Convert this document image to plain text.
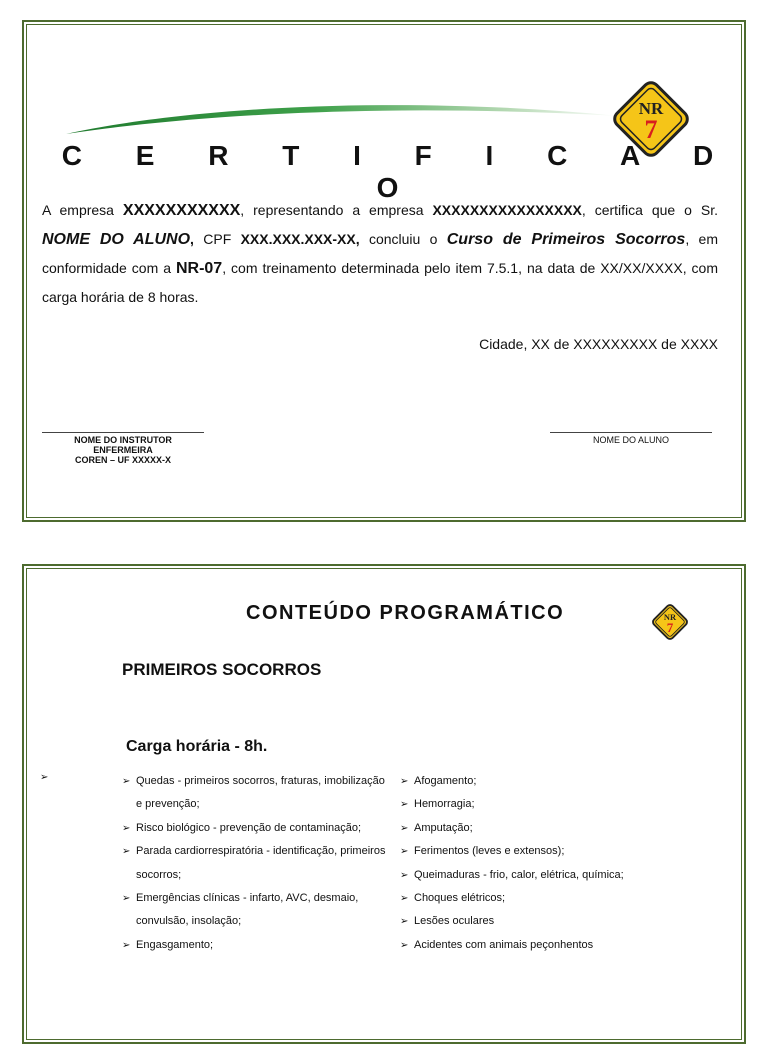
NR
7
C E R T I F I C A D O
A empresa XXXXXXXXXXX, representando a empresa XXXXXXXXXXXXXXXX, certifica que o Sr. NOME DO ALUNO, CPF XXX.XXX.XXX-XX, concluiu o Curso de Primeiros Socorros, em conformidade com a NR-07, com treinamento determinada pelo item 7.5.1, na data de XX/XX/XXXX, com carga horária de 8 horas.
Cidade, XX de XXXXXXXXX de XXXX
NOME DO INSTRUTOR
ENFERMEIRA
COREN – UF XXXXX-X
NOME DO ALUNO
CONTEÚDO PROGRAMÁTICO	NR
7
PRIMEIROS SOCORROS
Carga horária - 8h.
➢	➢ Quedas - primeiros socorros, fraturas, imobilização e prevenção;
➢ Risco biológico - prevenção de contaminação;
➢ Parada cardiorrespiratória - identificação, primeiros socorros;
➢ Emergências clínicas - infarto, AVC, desmaio, convulsão, insolação;
➢ Engasgamento;
➢ Afogamento;
➢ Hemorragia;
➢ Amputação;
➢ Ferimentos (leves e extensos);
➢ Queimaduras - frio, calor, elétrica, química;
➢ Choques elétricos;
➢ Lesões oculares
➢ Acidentes com animais peçonhentos
